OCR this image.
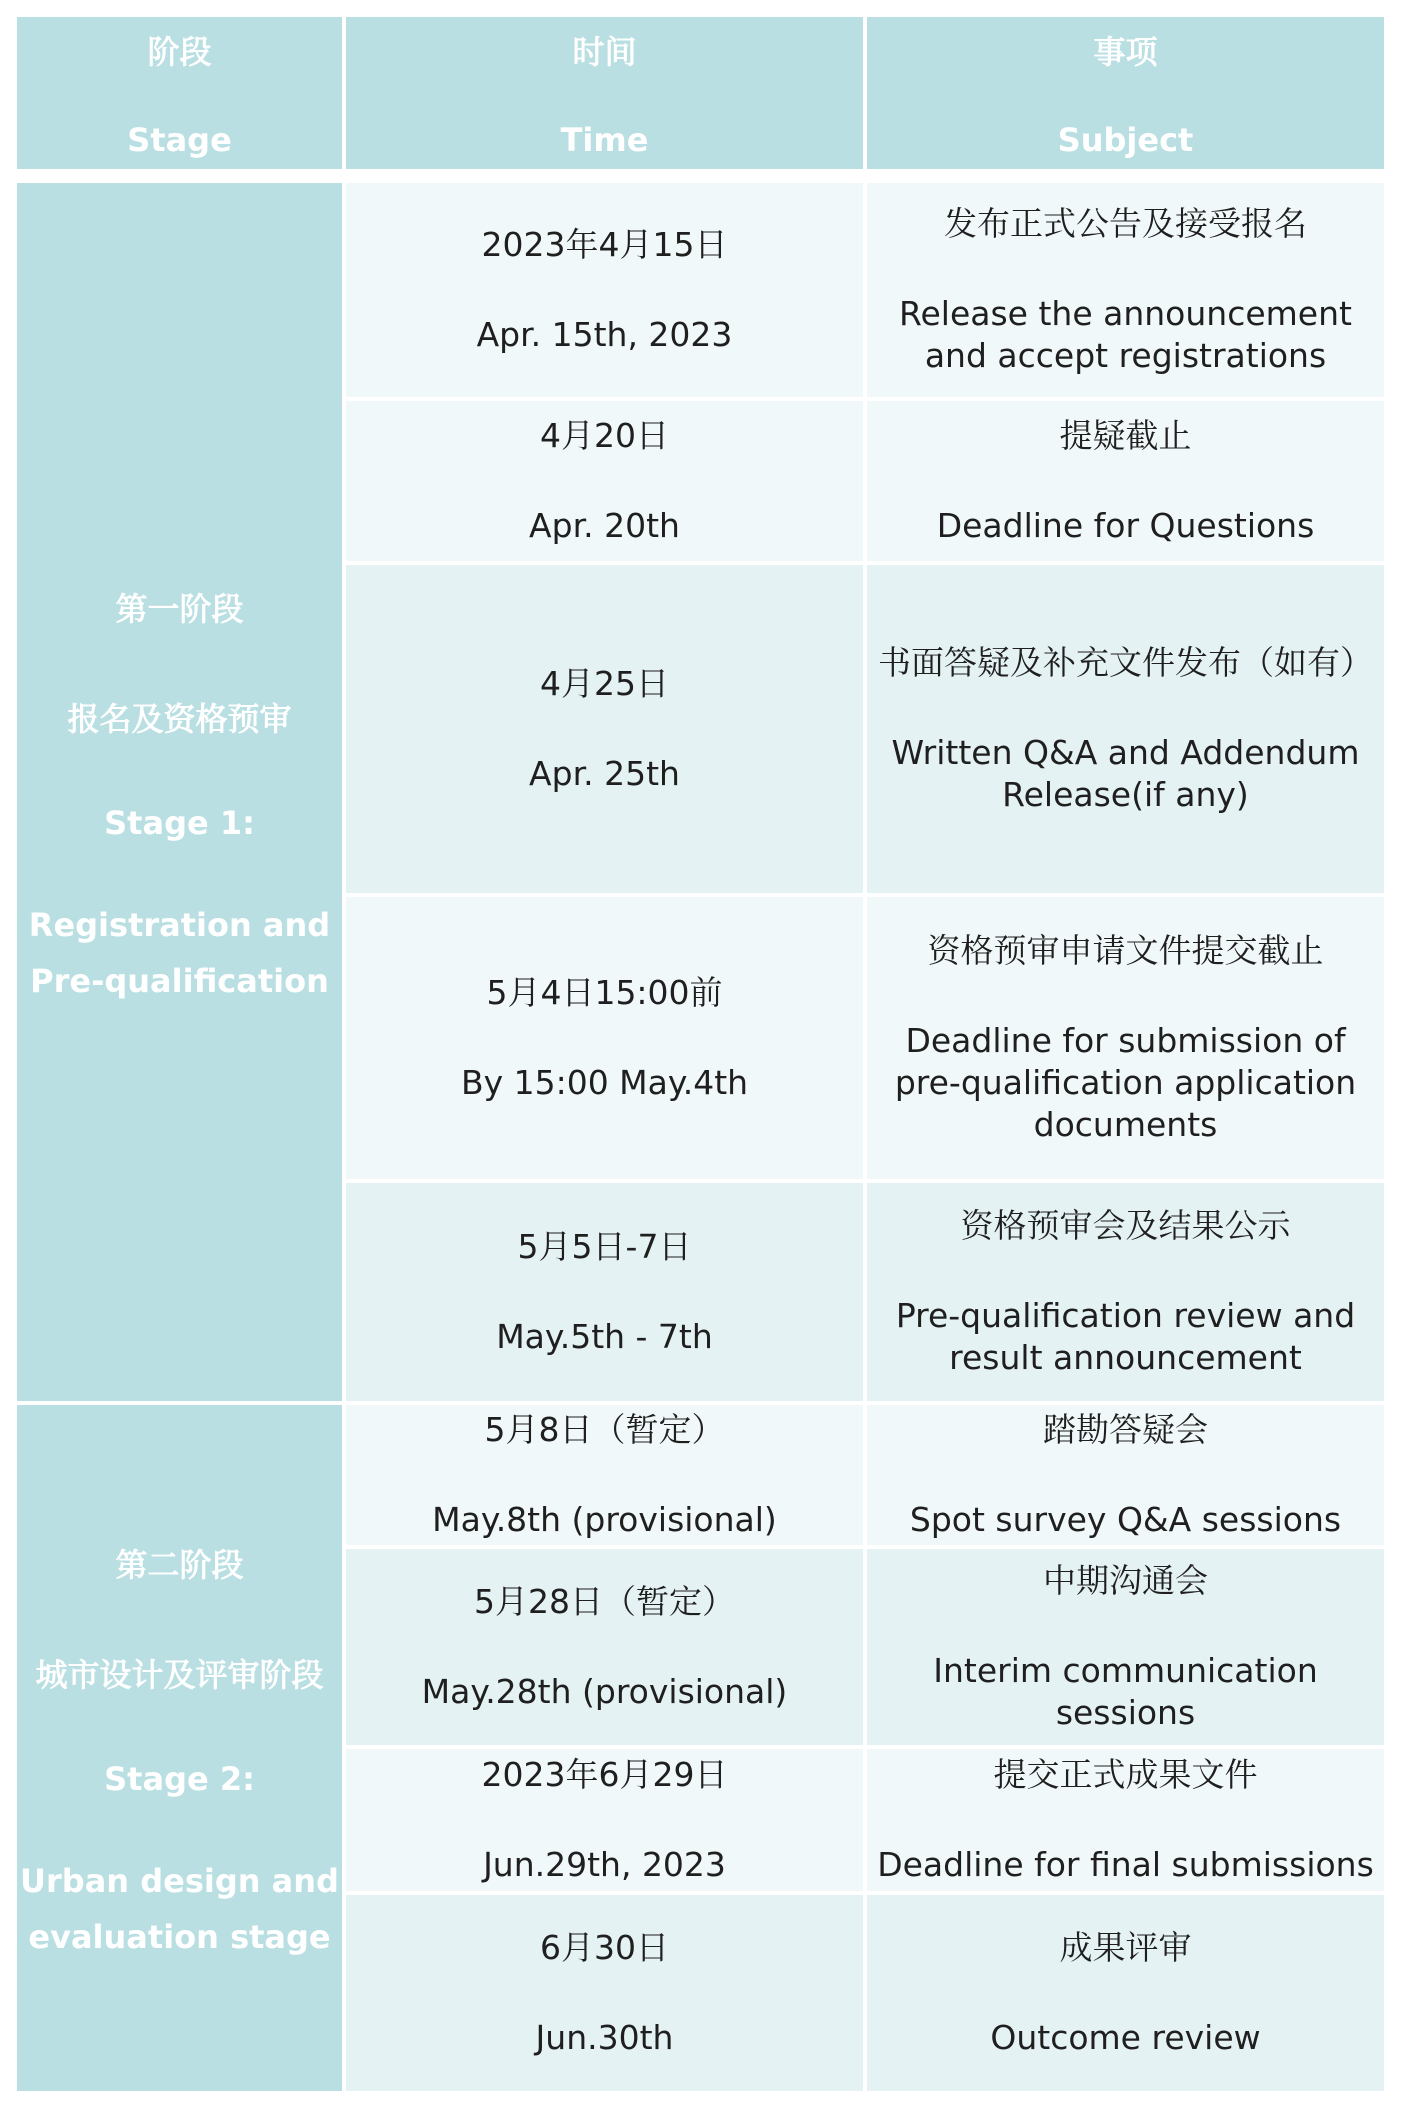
阶段
Stage
时间
Time
事项
Subject
第一阶段
报名及资格预审
Stage 1:
Registration and
Pre-qualification
第二阶段
城市设计及评审阶段
Stage 2:
Urban design and
evaluation stage

2023年4月15日

Apr. 15th, 2023

发布正式公告及接受报名

Release the announcement

and accept registrations

4月20日

Apr. 20th

提疑截止

Deadline for Questions

4月25日

Apr. 25th

书面答疑及补充文件发布（如有）

Written Q&A and Addendum

Release(if any)

5月4日15:00前

By 15:00 May.4th

资格预审申请文件提交截止

Deadline for submission of

pre-qualification application

documents

5月5日-7日

May.5th - 7th

资格预审会及结果公示

Pre-qualification review and

result announcement

5月8日（暂定）

May.8th (provisional)

踏勘答疑会

Spot survey Q&A sessions

5月28日（暂定）

May.28th (provisional)

中期沟通会

Interim communication

sessions

2023年6月29日

Jun.29th, 2023

提交正式成果文件

Deadline for final submissions

6月30日

Jun.30th

成果评审

Outcome review
